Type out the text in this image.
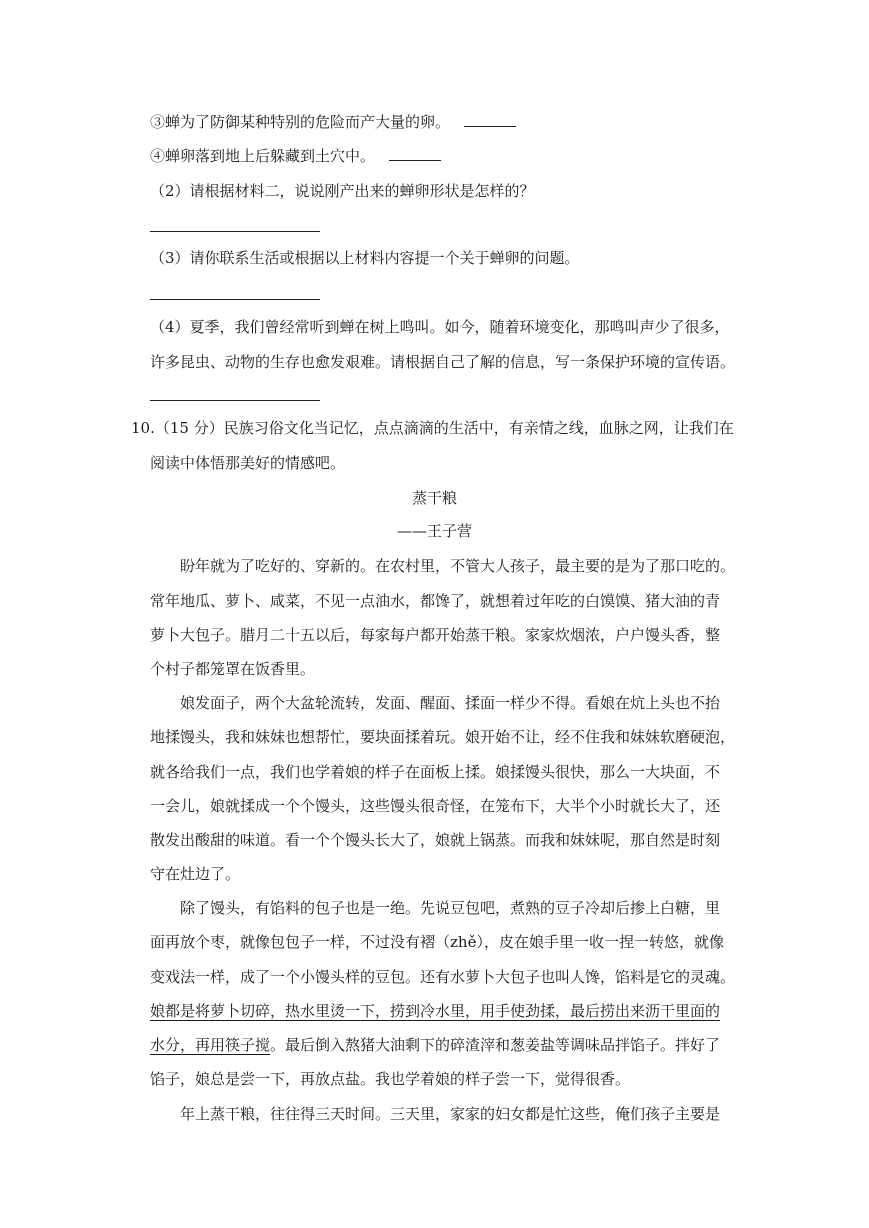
③蝉为了防御某种特别的危险而产大量的卵。
④蝉卵落到地上后躲藏到土穴中。
（2）请根据材料二，说说刚产出来的蝉卵形状是怎样的？
（3）请你联系生活或根据以上材料内容提一个关于蝉卵的问题。
（4）夏季，我们曾经常听到蝉在树上鸣叫。如今，随着环境变化，那鸣叫声少了很多，
许多昆虫、动物的生存也愈发艰难。请根据自己了解的信息，写一条保护环境的宣传语。
10.（15 分）民族习俗文化当记忆，点点滴滴的生活中，有亲情之线，血脉之网，让我们在
阅读中体悟那美好的情感吧。
蒸干粮
——王子营
盼年就为了吃好的、穿新的。在农村里，不管大人孩子，最主要的是为了那口吃的。
常年地瓜、萝卜、咸菜，不见一点油水，都馋了，就想着过年吃的白馍馍、猪大油的青
萝卜大包子。腊月二十五以后，每家每户都开始蒸干粮。家家炊烟浓，户户馒头香，整
个村子都笼罩在饭香里。
娘发面子，两个大盆轮流转，发面、醒面、揉面一样少不得。看娘在炕上头也不抬
地揉馒头，我和妹妹也想帮忙，要块面揉着玩。娘开始不让，经不住我和妹妹软磨硬泡，
就各给我们一点，我们也学着娘的样子在面板上揉。娘揉馒头很快，那么一大块面，不
一会儿，娘就揉成一个个馒头，这些馒头很奇怪，在笼布下，大半个小时就长大了，还
散发出酸甜的味道。看一个个馒头长大了，娘就上锅蒸。而我和妹妹呢，那自然是时刻
守在灶边了。
除了馒头，有馅料的包子也是一绝。先说豆包吧，煮熟的豆子冷却后掺上白糖，里
面再放个枣，就像包包子一样，不过没有褶（zhě），皮在娘手里一收一捏一转悠，就像
变戏法一样，成了一个小馒头样的豆包。还有水萝卜大包子也叫人馋，馅料是它的灵魂。
娘都是将萝卜切碎，热水里烫一下，捞到冷水里，用手使劲揉，最后捞出来沥干里面的
水分，再用筷子搅。最后倒入熬猪大油剩下的碎渣滓和葱姜盐等调味品拌馅子。拌好了
馅子，娘总是尝一下，再放点盐。我也学着娘的样子尝一下，觉得很香。
年上蒸干粮，往往得三天时间。三天里，家家的妇女都是忙这些，俺们孩子主要是
